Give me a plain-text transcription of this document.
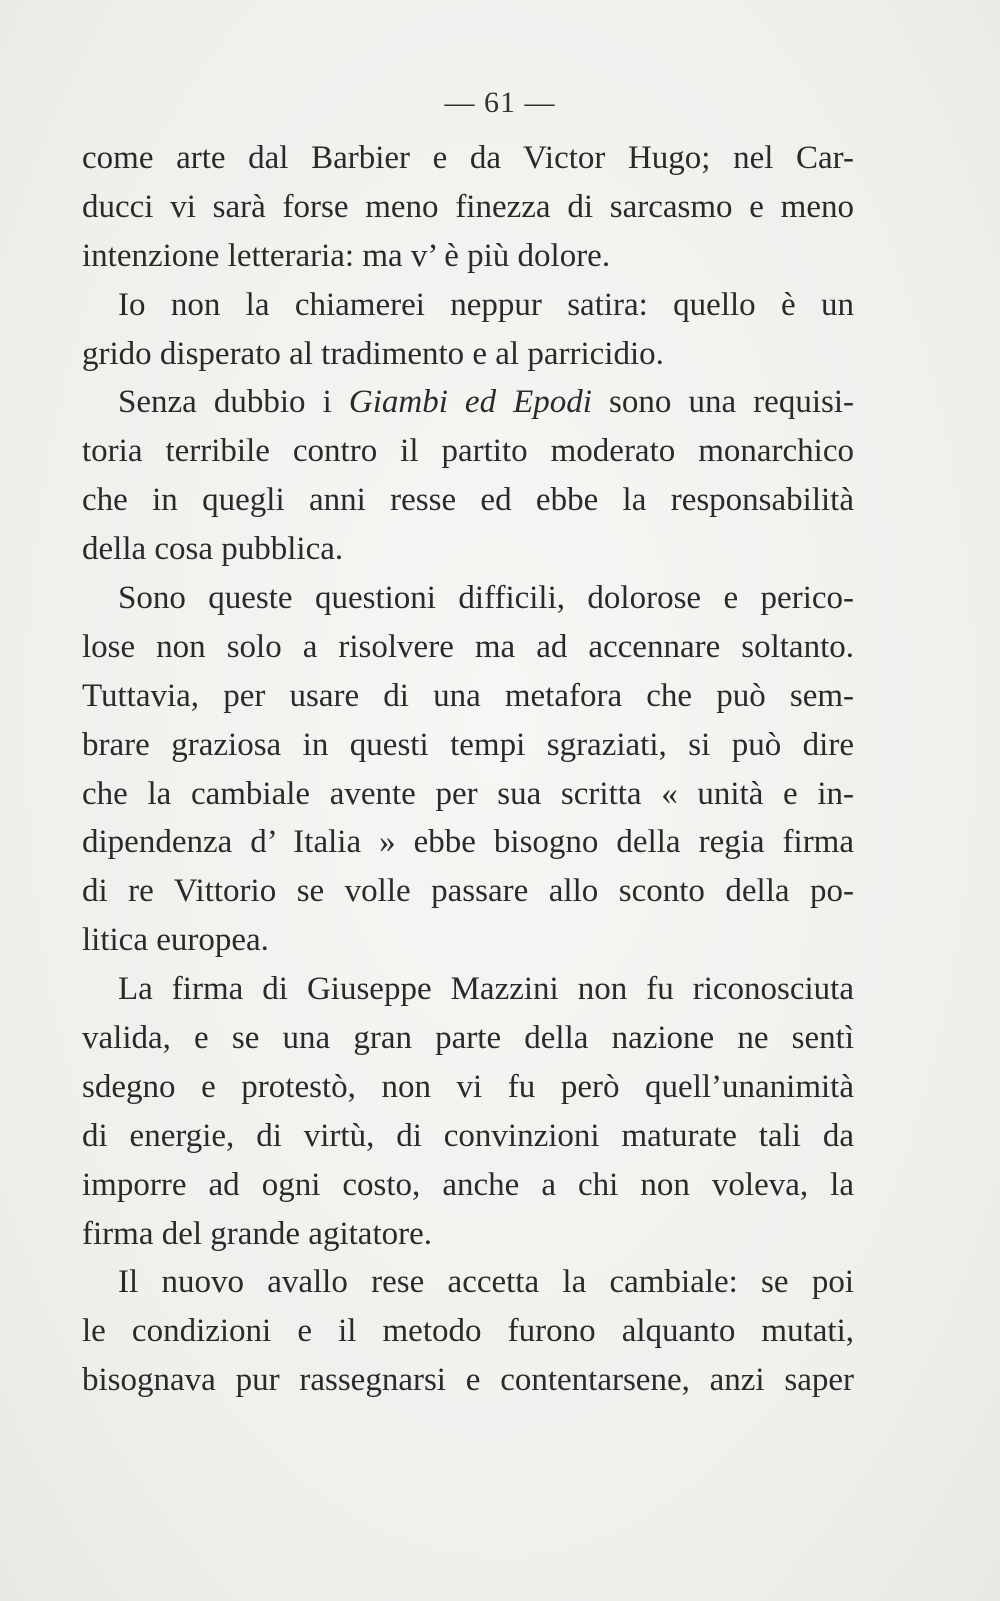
— 61 —
come arte dal Barbier e da Victor Hugo; nel Car-
ducci vi sarà forse meno finezza di sarcasmo e meno
intenzione letteraria: ma v’ è più dolore.
Io non la chiamerei neppur satira: quello è un
grido disperato al tradimento e al parricidio.
Senza dubbio i Giambi ed Epodi sono una requisi-
toria terribile contro il partito moderato monarchico
che in quegli anni resse ed ebbe la responsabilità
della cosa pubblica.
Sono queste questioni difficili, dolorose e perico-
lose non solo a risolvere ma ad accennare soltanto.
Tuttavia, per usare di una metafora che può sem-
brare graziosa in questi tempi sgraziati, si può dire
che la cambiale avente per sua scritta « unità e in-
dipendenza d’ Italia » ebbe bisogno della regia firma
di re Vittorio se volle passare allo sconto della po-
litica europea.
La firma di Giuseppe Mazzini non fu riconosciuta
valida, e se una gran parte della nazione ne sentì
sdegno e protestò, non vi fu però quell’unanimità
di energie, di virtù, di convinzioni maturate tali da
imporre ad ogni costo, anche a chi non voleva, la
firma del grande agitatore.
Il nuovo avallo rese accetta la cambiale: se poi
le condizioni e il metodo furono alquanto mutati,
bisognava pur rassegnarsi e contentarsene, anzi saper
